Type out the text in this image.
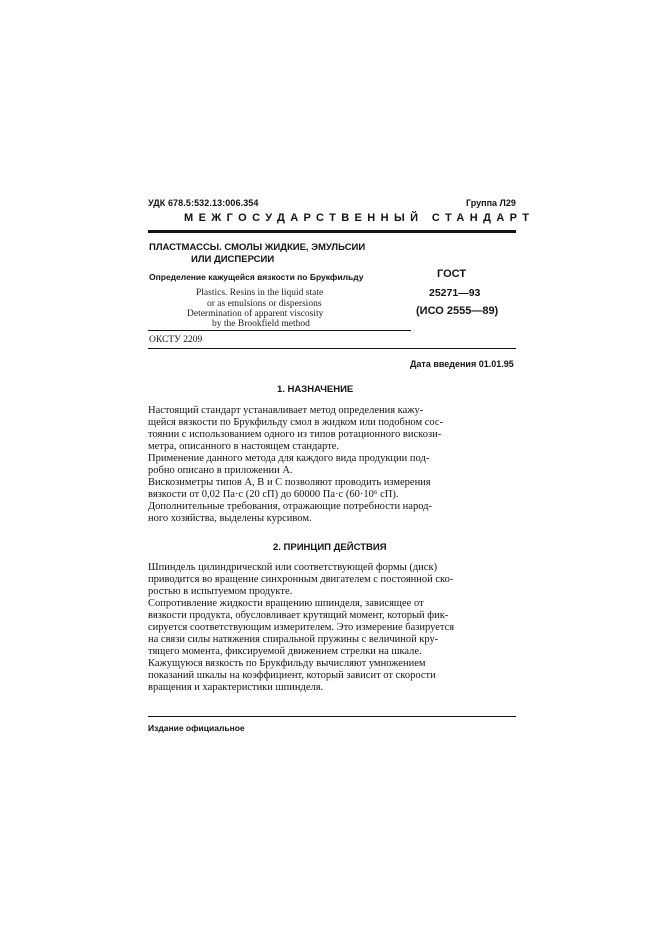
УДК 678.5:532.13:006.354	Группа Л29
МЕЖГОСУДАРСТВЕННЫЙ СТАНДАРТ
ПЛАСТМАССЫ. СМОЛЫ ЖИДКИЕ, ЭМУЛЬСИИ
ИЛИ ДИСПЕРСИИ
Определение кажущейся вязкости по Брукфильду
Plastics. Resins in the liquid state
or as emulsions or dispersions
Determination of apparent viscosity
by the Brookfield method
ГОСТ
25271—93
(ИСО 2555—89)
ОКСТУ 2209
Дата введения 01.01.95
1. НАЗНАЧЕНИЕ
Настоящий стандарт устанавливает метод определения кажу-
щейся вязкости по Брукфильду смол в жидком или подобном сос-
тоянии с использованием одного из типов ротационного вискози-
метра, описанного в настоящем стандарте.
Применение данного метода для каждого вида продукции под-
робно описано в приложении А.
Вискозиметры типов А, В и С позволяют проводить измерения
вязкости от 0,02 Па·с (20 сП) до 60000 Па·с (60·10⁶ сП).
Дополнительные требования, отражающие потребности народ-
ного хозяйства, выделены курсивом.
2. ПРИНЦИП ДЕЙСТВИЯ
Шпиндель цилиндрической или соответствующей формы (диск)
приводится во вращение синхронным двигателем с постоянной ско-
ростью в испытуемом продукте.
Сопротивление жидкости вращению шпинделя, зависящее от
вязкости продукта, обусловливает крутящий момент, который фик-
сируется соответствующим измерителем. Это измерение базируется
на связи силы натяжения спиральной пружины с величиной кру-
тящего момента, фиксируемой движением стрелки на шкале.
Кажущуюся вязкость по Брукфильду вычисляют умножением
показаний шкалы на коэффициент, который зависит от скорости
вращения и характеристики шпинделя.
Издание официальное
